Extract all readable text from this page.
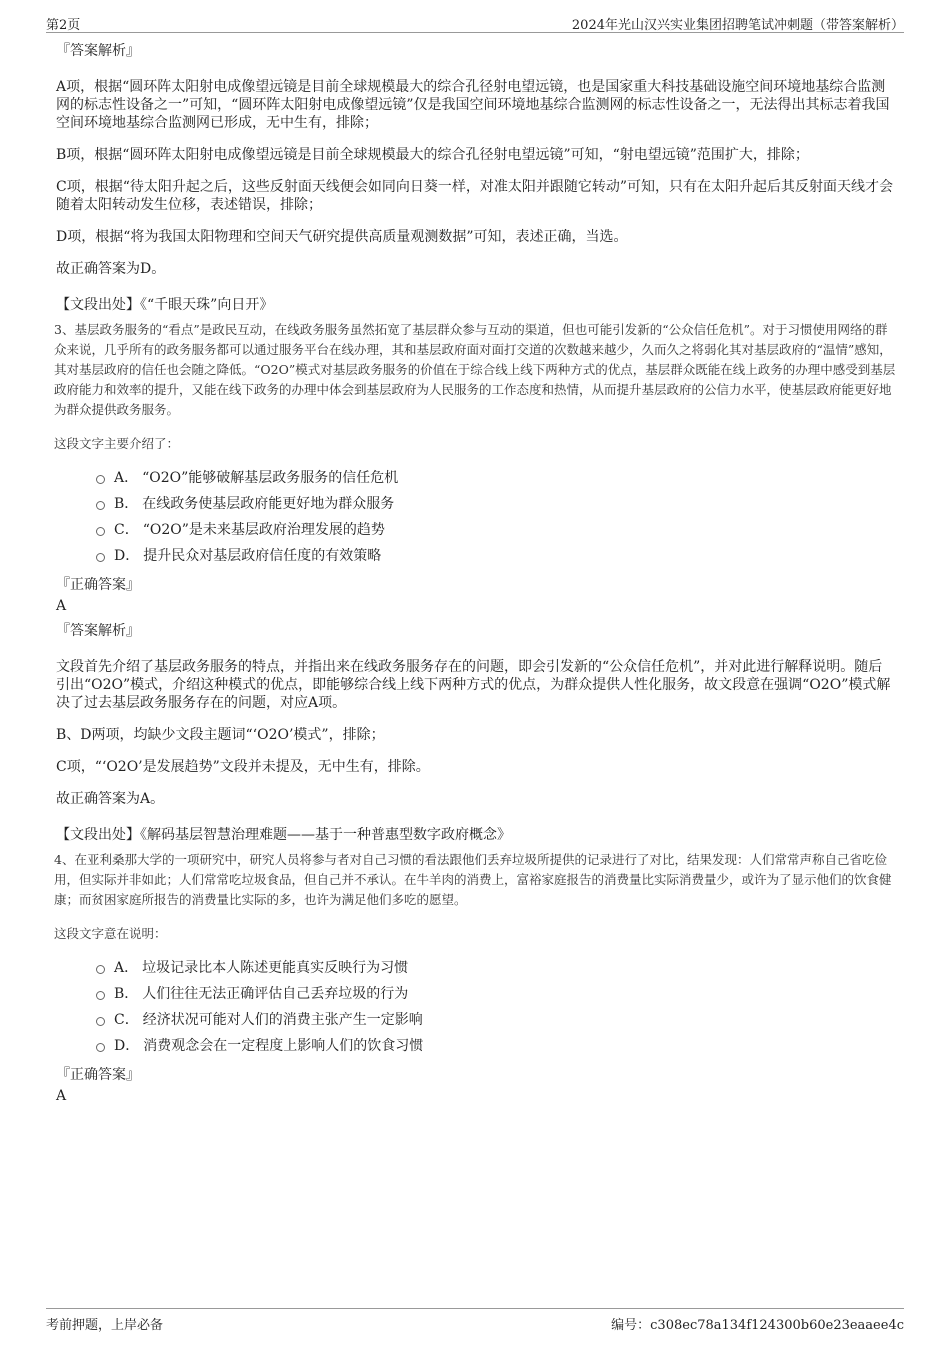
第2页	2024年光山汉兴实业集团招聘笔试冲刺题（带答案解析）

『答案解析』

A项，根据“圆环阵太阳射电成像望远镜是目前全球规模最大的综合孔径射电望远镜，也是国家重大科技基础设施空间环境地基综合监测网的标志性设备之一”可知，“圆环阵太阳射电成像望远镜”仅是我国空间环境地基综合监测网的标志性设备之一，无法得出其标志着我国空间环境地基综合监测网已形成，无中生有，排除；

B项，根据“圆环阵太阳射电成像望远镜是目前全球规模最大的综合孔径射电望远镜”可知，“射电望远镜”范围扩大，排除；

C项，根据“待太阳升起之后，这些反射面天线便会如同向日葵一样，对准太阳并跟随它转动”可知，只有在太阳升起后其反射面天线才会随着太阳转动发生位移，表述错误，排除；

D项，根据“将为我国太阳物理和空间天气研究提供高质量观测数据”可知，表述正确，当选。

故正确答案为D。

【文段出处】《“千眼天珠”向日开》

3、基层政务服务的“看点”是政民互动，在线政务服务虽然拓宽了基层群众参与互动的渠道，但也可能引发新的“公众信任危机”。对于习惯使用网络的群众来说，几乎所有的政务服务都可以通过服务平台在线办理，其和基层政府面对面打交道的次数越来越少，久而久之将弱化其对基层政府的“温情”感知，其对基层政府的信任也会随之降低。“O2O”模式对基层政务服务的价值在于综合线上线下两种方式的优点，基层群众既能在线上政务的办理中感受到基层政府能力和效率的提升，又能在线下政务的办理中体会到基层政府为人民服务的工作态度和热情，从而提升基层政府的公信力水平，使基层政府能更好地为群众提供政务服务。

这段文字主要介绍了：

A． “O2O”能够破解基层政务服务的信任危机
B． 在线政务使基层政府能更好地为群众服务
C． “O2O”是未来基层政府治理发展的趋势
D． 提升民众对基层政府信任度的有效策略

『正确答案』

A

『答案解析』

文段首先介绍了基层政务服务的特点，并指出来在线政务服务存在的问题，即会引发新的“公众信任危机”，并对此进行解释说明。随后引出“O2O”模式，介绍这种模式的优点，即能够综合线上线下两种方式的优点，为群众提供人性化服务，故文段意在强调“O2O”模式解决了过去基层政务服务存在的问题，对应A项。

B、D两项，均缺少文段主题词“‘O2O’模式”，排除；

C项，“‘O2O’是发展趋势”文段并未提及，无中生有，排除。

故正确答案为A。

【文段出处】《解码基层智慧治理难题——基于一种普惠型数字政府概念》

4、在亚利桑那大学的一项研究中，研究人员将参与者对自己习惯的看法跟他们丢弃垃圾所提供的记录进行了对比，结果发现：人们常常声称自己省吃俭用，但实际并非如此；人们常常吃垃圾食品，但自己并不承认。在牛羊肉的消费上，富裕家庭报告的消费量比实际消费量少，或许为了显示他们的饮食健康；而贫困家庭所报告的消费量比实际的多，也许为满足他们多吃的愿望。

这段文字意在说明：

A． 垃圾记录比本人陈述更能真实反映行为习惯
B． 人们往往无法正确评估自己丢弃垃圾的行为
C． 经济状况可能对人们的消费主张产生一定影响
D． 消费观念会在一定程度上影响人们的饮食习惯

『正确答案』

A

考前押题，上岸必备	编号：c308ec78a134f124300b60e23eaaee4c
